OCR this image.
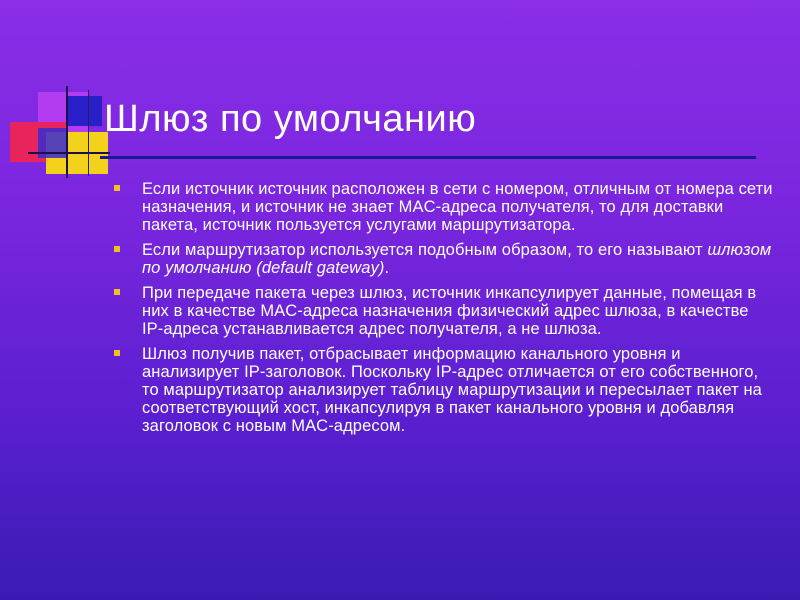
Шлюз по умолчанию
Если источник источник расположен в сети с номером, отличным от номера сети назначения, и источник не знает MAC-адреса получателя, то для доставки пакета, источник пользуется услугами маршрутизатора.
Если маршрутизатор используется подобным образом, то его называют шлюзом по умолчанию (default gateway).
При передаче пакета через шлюз, источник инкапсулирует данные, помещая в них в качестве MAC-адреса назначения физический адрес шлюза, в качестве IP-адреса устанавливается адрес получателя, а не шлюза.
Шлюз получив пакет, отбрасывает информацию канального уровня и анализирует IP-заголовок. Поскольку IP-адрес отличается от его собственного, то маршрутизатор анализирует таблицу маршрутизации и пересылает пакет на соответствующий хост, инкапсулируя в пакет канального уровня и добавляя заголовок с новым MAC-адресом.
